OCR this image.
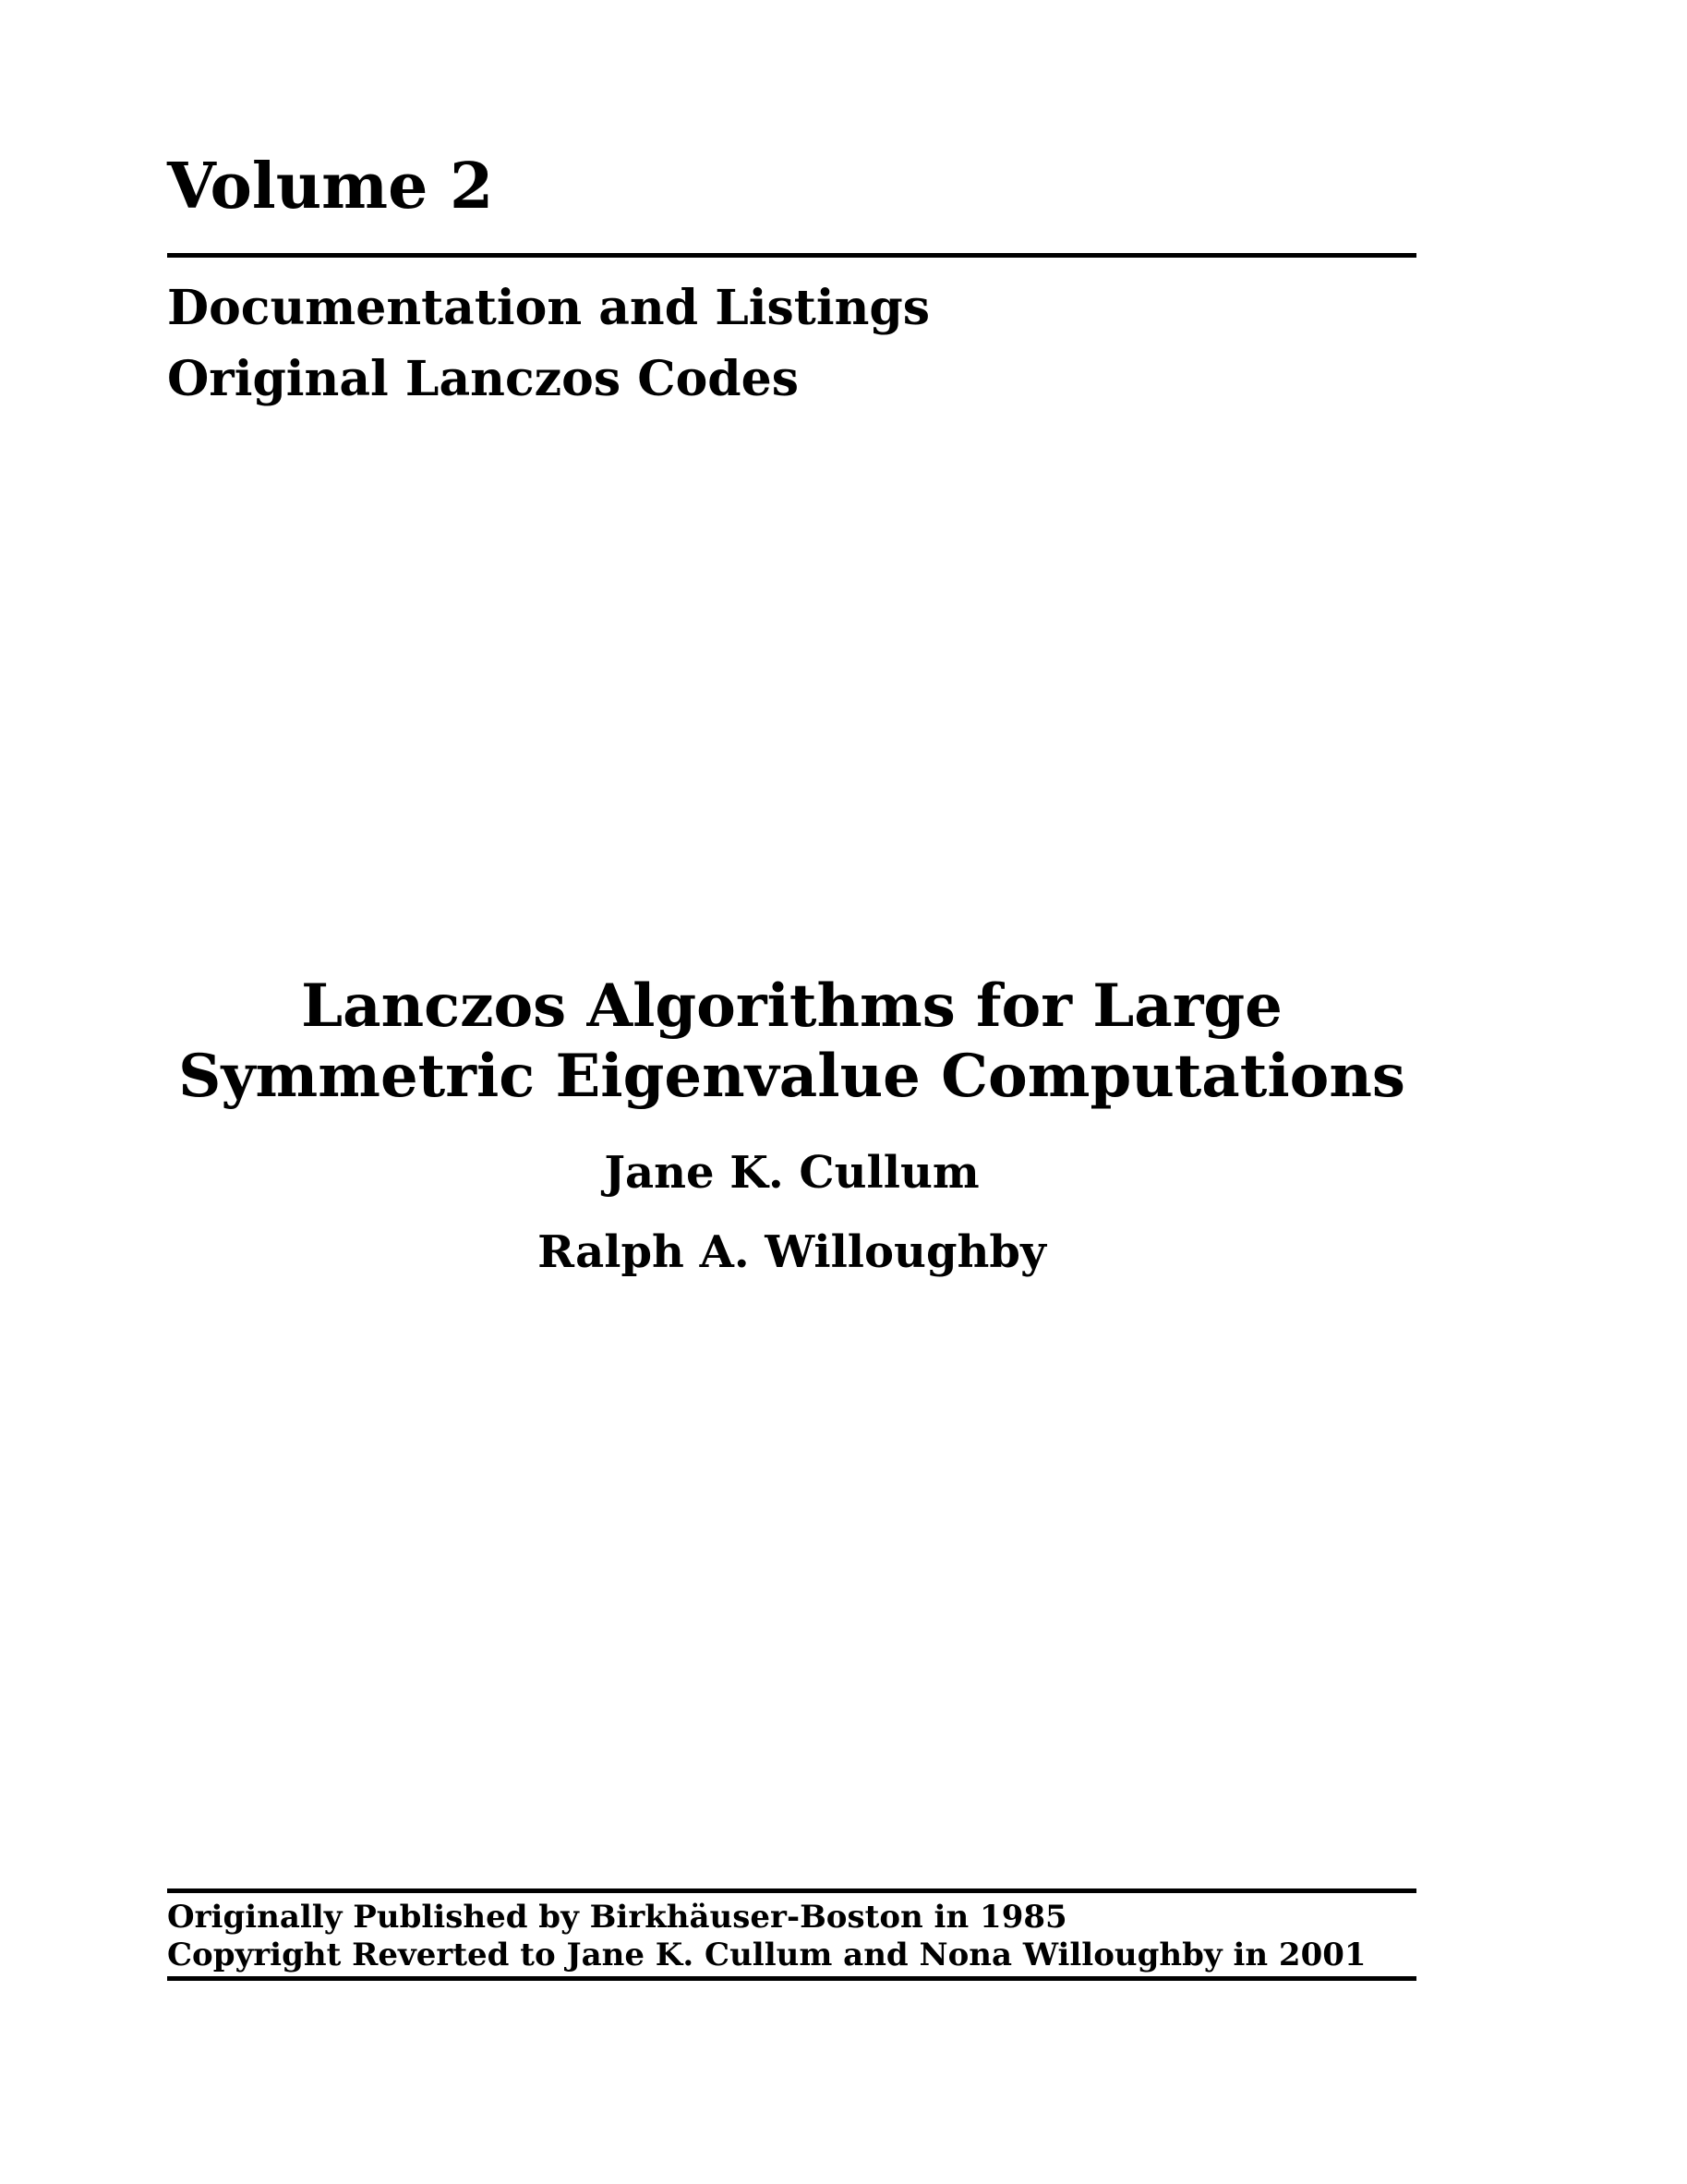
Volume 2
Documentation and Listings
Original Lanczos Codes
Lanczos Algorithms for Large
Symmetric Eigenvalue Computations
Jane K. Cullum
Ralph A. Willoughby
Originally Published by Birkhäuser-Boston in 1985
Copyright Reverted to Jane K. Cullum and Nona Willoughby in 2001
